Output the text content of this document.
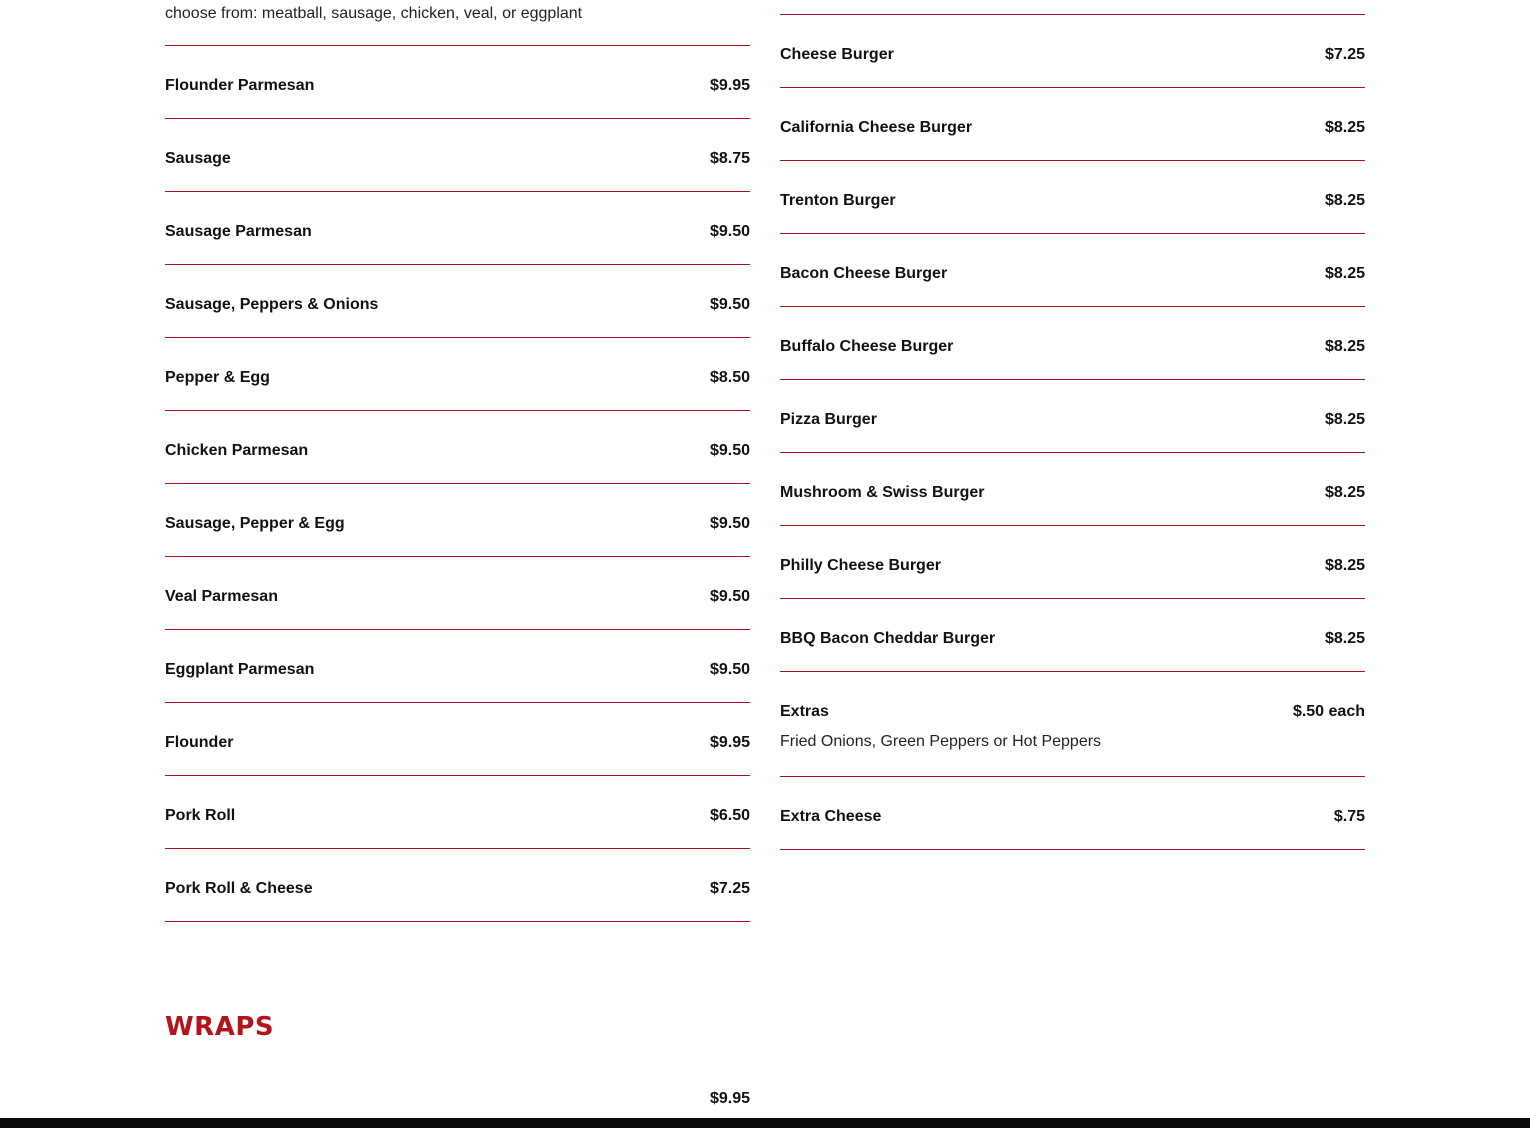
choose from: meatball, sausage, chicken, veal, or eggplant
Flounder Parmesan	$9.95
Sausage	$8.75
Sausage Parmesan	$9.50
Sausage, Peppers & Onions	$9.50
Pepper & Egg	$8.50
Chicken Parmesan	$9.50
Sausage, Pepper & Egg	$9.50
Veal Parmesan	$9.50
Eggplant Parmesan	$9.50
Flounder	$9.95
Pork Roll	$6.50
Pork Roll & Cheese	$7.25
Cheese Burger	$7.25
California Cheese Burger	$8.25
Trenton Burger	$8.25
Bacon Cheese Burger	$8.25
Buffalo Cheese Burger	$8.25
Pizza Burger	$8.25
Mushroom & Swiss Burger	$8.25
Philly Cheese Burger	$8.25
BBQ Bacon Cheddar Burger	$8.25
Extras	$.50 each
Fried Onions, Green Peppers or Hot Peppers
Extra Cheese	$.75
WRAPS
$9.95
